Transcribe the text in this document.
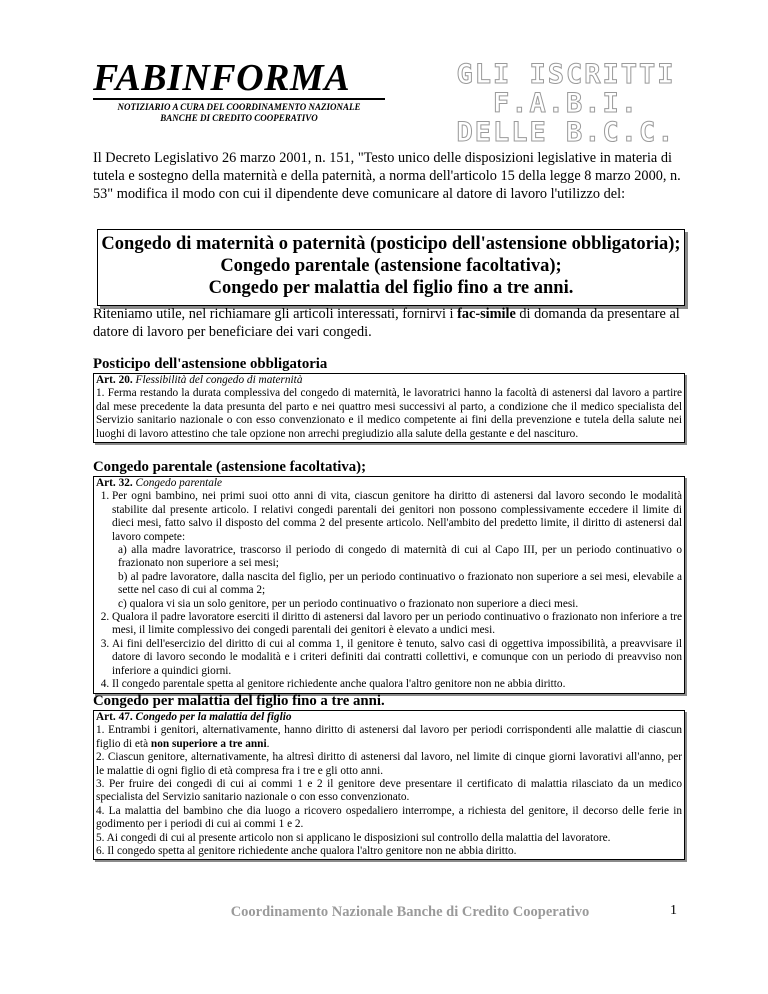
FABINFORMA
NOTIZIARIO A CURA DEL COORDINAMENTO NAZIONALE
BANCHE DI CREDITO COOPERATIVO
GLI ISCRITTI F.A.B.I.
DELLE B.C.C.
Il Decreto Legislativo 26 marzo 2001, n. 151, "Testo unico delle disposizioni legislative in materia di tutela e sostegno della maternità e della paternità, a norma dell'articolo 15 della legge 8 marzo 2000, n. 53" modifica il modo con cui il dipendente deve comunicare al datore di lavoro l'utilizzo del:
Congedo di maternità o paternità (posticipo dell'astensione obbligatoria);
Congedo parentale (astensione facoltativa);
Congedo per malattia del figlio fino a tre anni.
Riteniamo utile, nel richiamare gli articoli interessati, fornirvi i fac-simile di domanda da presentare al datore di lavoro per beneficiare dei vari congedi.
Posticipo dell'astensione obbligatoria

Art. 20. Flessibilità del congedo di maternità

1. Ferma restando la durata complessiva del congedo di maternità, le lavoratrici hanno la facoltà di astenersi dal lavoro a partire dal mese precedente la data presunta del parto e nei quattro mesi successivi al parto, a condizione che il medico specialista del Servizio sanitario nazionale o con esso convenzionato e il medico competente ai fini della prevenzione e tutela della salute nei luoghi di lavoro attestino che tale opzione non arrechi pregiudizio alla salute della gestante e del nascituro.

Congedo parentale (astensione facoltativa);

Art. 32. Congedo parentale

1. Per ogni bambino, nei primi suoi otto anni di vita, ciascun genitore ha diritto di astenersi dal lavoro secondo le modalità stabilite dal presente articolo. I relativi congedi parentali dei genitori non possono complessivamente eccedere il limite di dieci mesi, fatto salvo il disposto del comma 2 del presente articolo. Nell'ambito del predetto limite, il diritto di astenersi dal lavoro compete:
a) alla madre lavoratrice, trascorso il periodo di congedo di maternità di cui al Capo III, per un periodo continuativo o frazionato non superiore a sei mesi;
b) al padre lavoratore, dalla nascita del figlio, per un periodo continuativo o frazionato non superiore a sei mesi, elevabile a sette nel caso di cui al comma 2;
c) qualora vi sia un solo genitore, per un periodo continuativo o frazionato non superiore a dieci mesi.
2. Qualora il padre lavoratore eserciti il diritto di astenersi dal lavoro per un periodo continuativo o frazionato non inferiore a tre mesi, il limite complessivo dei congedi parentali dei genitori è elevato a undici mesi.
3. Ai fini dell'esercizio del diritto di cui al comma 1, il genitore è tenuto, salvo casi di oggettiva impossibilità, a preavvisare il datore di lavoro secondo le modalità e i criteri definiti dai contratti collettivi, e comunque con un periodo di preavviso non inferiore a quindici giorni.
4. Il congedo parentale spetta al genitore richiedente anche qualora l'altro genitore non ne abbia diritto.
Congedo per malattia del figlio fino a tre anni.

Art. 47. Congedo per la malattia del figlio

1. Entrambi i genitori, alternativamente, hanno diritto di astenersi dal lavoro per periodi corrispondenti alle malattie di ciascun figlio di età non superiore a tre anni.

2. Ciascun genitore, alternativamente, ha altresì diritto di astenersi dal lavoro, nel limite di cinque giorni lavorativi all'anno, per le malattie di ogni figlio di età compresa fra i tre e gli otto anni.

3. Per fruire dei congedi di cui ai commi 1 e 2 il genitore deve presentare il certificato di malattia rilasciato da un medico specialista del Servizio sanitario nazionale o con esso convenzionato.

4. La malattia del bambino che dia luogo a ricovero ospedaliero interrompe, a richiesta del genitore, il decorso delle ferie in godimento per i periodi di cui ai commi 1 e 2.

5. Ai congedi di cui al presente articolo non si applicano le disposizioni sul controllo della malattia del lavoratore.

6. Il congedo spetta al genitore richiedente anche qualora l'altro genitore non ne abbia diritto.

Coordinamento Nazionale Banche di Credito Cooperativo	1
